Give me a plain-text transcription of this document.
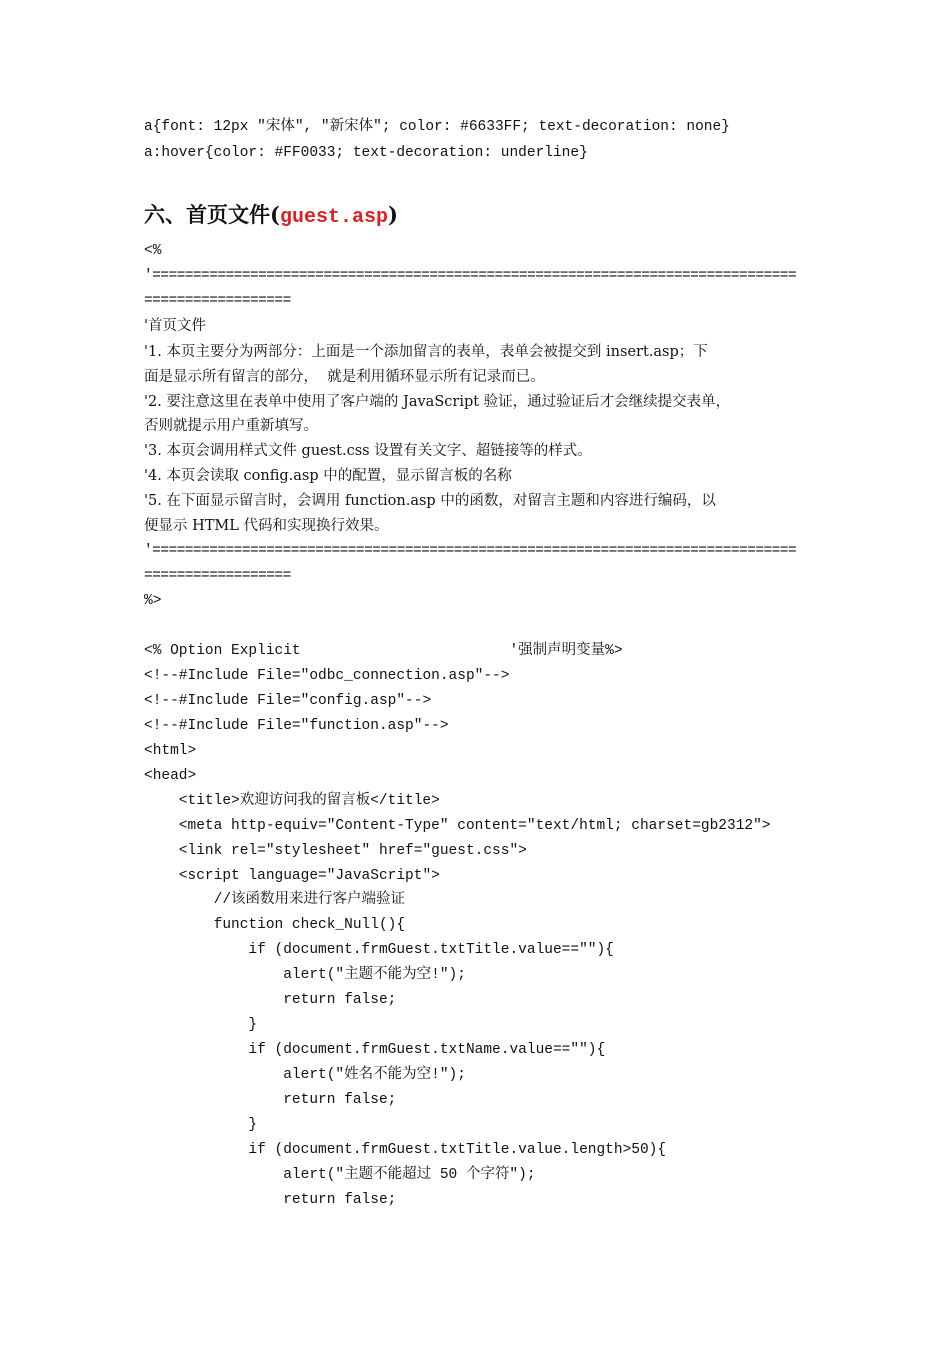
a{font: 12px "宋体", "新宋体"; color: #6633FF; text-decoration: none}

a:hover{color: #FF0033; text-decoration: underline}

六、首页文件(guest.asp)

<%

'===============================================================================

==================

'首页文件

'1. 本页主要分为两部分：上面是一个添加留言的表单，表单会被提交到 insert.asp；下

面是显示所有留言的部分，  就是利用循环显示所有记录而已。

'2. 要注意这里在表单中使用了客户端的 JavaScript 验证，通过验证后才会继续提交表单，

否则就提示用户重新填写。

'3. 本页会调用样式文件 guest.css 设置有关文字、超链接等的样式。

'4. 本页会读取 config.asp 中的配置，显示留言板的名称

'5. 在下面显示留言时，会调用 function.asp 中的函数，对留言主题和内容进行编码，以

便显示 HTML 代码和实现换行效果。

'===============================================================================

==================

%>

<% Option Explicit                        '强制声明变量%>

<!--#Include File="odbc_connection.asp"-->

<!--#Include File="config.asp"-->

<!--#Include File="function.asp"-->

<html>

<head>

<title>欢迎访问我的留言板</title>

<meta http-equiv="Content-Type" content="text/html; charset=gb2312">

<link rel="stylesheet" href="guest.css">

<script language="JavaScript">

//该函数用来进行客户端验证

function check_Null(){

if (document.frmGuest.txtTitle.value==""){

alert("主题不能为空!");

return false;

}

if (document.frmGuest.txtName.value==""){

alert("姓名不能为空!");

return false;

}

if (document.frmGuest.txtTitle.value.length>50){

alert("主题不能超过 50 个字符");

return false;
